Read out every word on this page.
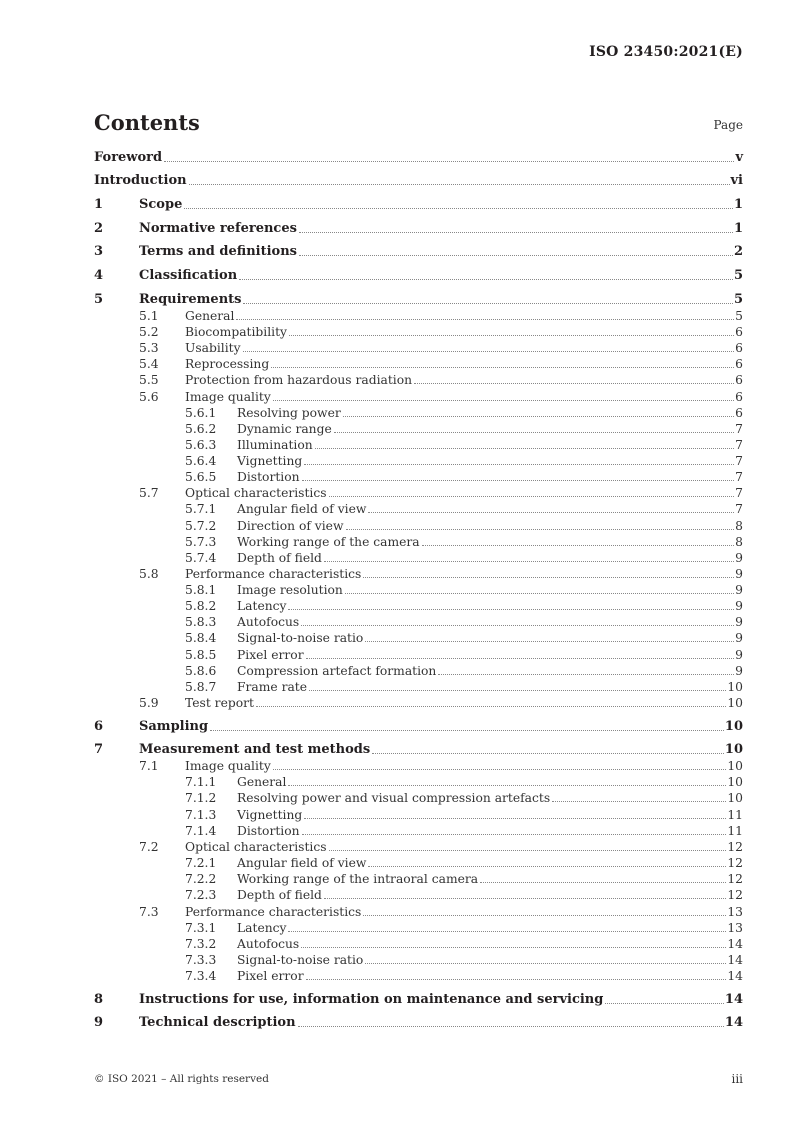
ISO 23450:2021(E)
Contents	Page
Foreword	v
Introduction	vi
1	Scope	1
2	Normative references	1
3	Terms and definitions	2
4	Classification	5
5	Requirements	5
5.1 General	5
5.2 Biocompatibility	6
5.3 Usability	6
5.4 Reprocessing	6
5.5 Protection from hazardous radiation	6
5.6 Image quality	6
5.6.1 Resolving power	6
5.6.2 Dynamic range	7
5.6.3 Illumination	7
5.6.4 Vignetting	7
5.6.5 Distortion	7
5.7 Optical characteristics	7
5.7.1 Angular field of view	7
5.7.2 Direction of view	8
5.7.3 Working range of the camera	8
5.7.4 Depth of field	9
5.8 Performance characteristics	9
5.8.1 Image resolution	9
5.8.2 Latency	9
5.8.3 Autofocus	9
5.8.4 Signal-to-noise ratio	9
5.8.5 Pixel error	9
5.8.6 Compression artefact formation	9
5.8.7 Frame rate	10
5.9 Test report	10
6	Sampling	10
7	Measurement and test methods	10
7.1 Image quality	10
7.1.1 General	10
7.1.2 Resolving power and visual compression artefacts	10
7.1.3 Vignetting	11
7.1.4 Distortion	11
7.2 Optical characteristics	12
7.2.1 Angular field of view	12
7.2.2 Working range of the intraoral camera	12
7.2.3 Depth of field	12
7.3 Performance characteristics	13
7.3.1 Latency	13
7.3.2 Autofocus	14
7.3.3 Signal-to-noise ratio	14
7.3.4 Pixel error	14
8	Instructions for use, information on maintenance and servicing	14
9	Technical description	14
© ISO 2021 – All rights reserved	iii
